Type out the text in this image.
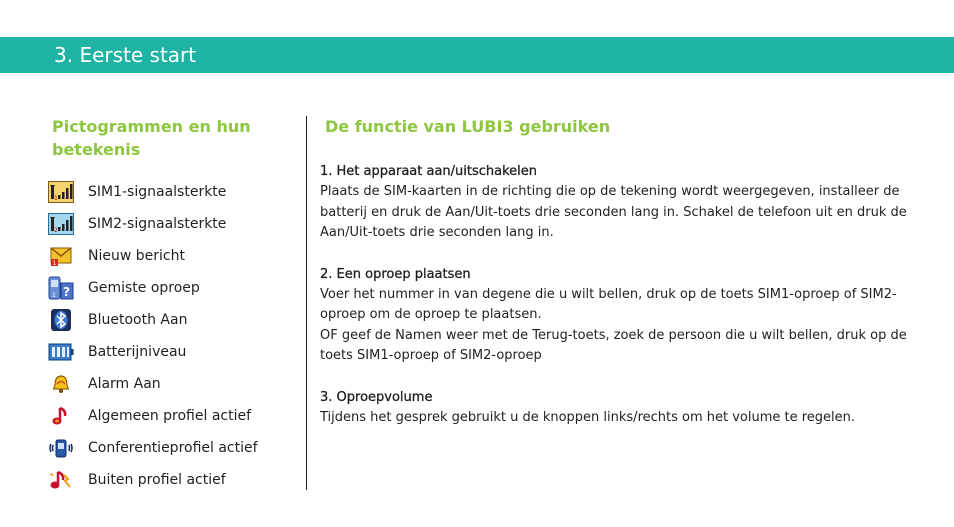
3. Eerste start
Pictogrammen en hun betekenis
1 SIM1-signaalsterkte
2 SIM2-signaalsterkte
1 Nieuw bericht
?
1 Gemiste oproep
Bluetooth Aan
Batterijniveau
Alarm Aan
Algemeen profiel actief
Conferentieprofiel actief
Buiten profiel actief
De functie van LUBI3 gebruiken
1. Het apparaat aan/uitschakelen

Plaats de SIM-kaarten in de richting die op de tekening wordt weergegeven, installeer de batterij en druk de Aan/Uit-toets drie seconden lang in. Schakel de telefoon uit en druk de Aan/Uit-toets drie seconden lang in.

2. Een oproep plaatsen

Voer het nummer in van degene die u wilt bellen, druk op de toets SIM1-oproep of SIM2-oproep om de oproep te plaatsen.

OF geef de Namen weer met de Terug-toets, zoek de persoon die u wilt bellen, druk op de toets SIM1-oproep of SIM2-oproep

3. Oproepvolume

Tijdens het gesprek gebruikt u de knoppen links/rechts om het volume te regelen.
